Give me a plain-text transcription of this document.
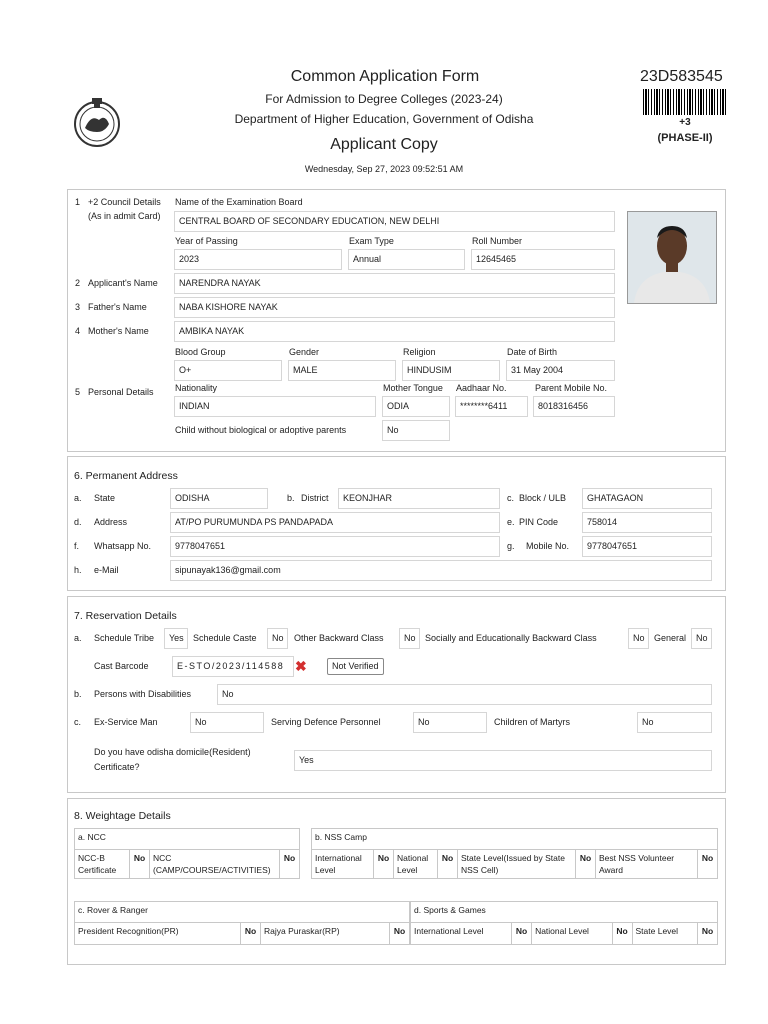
Common Application Form
For Admission to Degree Colleges (2023-24)
Department of Higher Education, Government of Odisha
Applicant Copy
Wednesday, Sep 27, 2023 09:52:51 AM
23D583545
+3
(PHASE-II)
1 +2 Council Details
(As in admit Card)
Name of the Examination Board
CENTRAL BOARD OF SECONDARY EDUCATION, NEW DELHI
Year of Passing
2023
Exam Type
Annual
Roll Number
12645465
2 Applicant's Name	NARENDRA NAYAK
3 Father's Name	NABA KISHORE NAYAK
4 Mother's Name	AMBIKA NAYAK
Blood Group
O+
Gender
MALE
Religion
HINDUSIM
Date of Birth
31 May 2004
5 Personal Details Nationality
INDIAN
Mother Tongue
ODIA
Aadhaar No.
********6411
Parent Mobile No.
8018316456
Child without biological or adoptive parents	No
6. Permanent Address
a. State	ODISHA	b. District	KEONJHAR	c. Block / ULB	GHATAGAON
d. Address	AT/PO PURUMUNDA PS PANDAPADA	e. PIN Code	758014
f. Whatsapp No.	9778047651	g. Mobile No.	9778047651
h. e-Mail	sipunayak136@gmail.com
7. Reservation Details
a. Schedule Tribe	Yes	Schedule Caste	No	Other Backward Class	No	Socially and Educationally Backward Class	No	General	No
Cast Barcode	E-STO/2023/114588 ✖	Not Verified
b. Persons with Disabilities	No
c. Ex-Service Man	No	Serving Defence Personnel	No	Children of Martyrs	No
Do you have odisha domicile(Resident)
Certificate?
Yes
8. Weightage Details
a. NCC
NCC-B Certificate	No	NCC (CAMP/COURSE/ACTIVITIES)	No
b. NSS Camp
International Level	No	National Level	No	State Level(Issued by State NSS Cell)	No	Best NSS Volunteer Award	No
c. Rover & Ranger
President Recognition(PR)	No	Rajya Puraskar(RP)	No
d. Sports & Games
International Level	No	National Level	No	State Level	No
